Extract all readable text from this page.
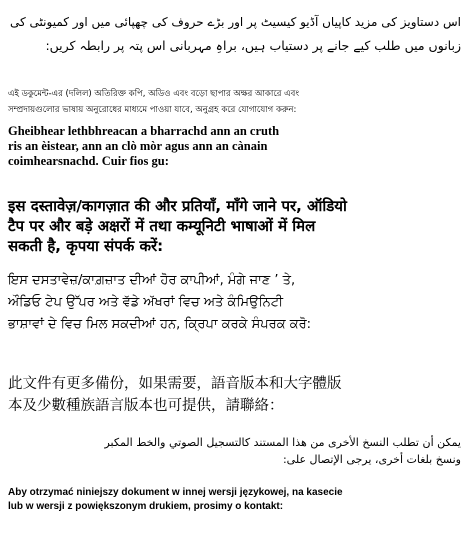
اس دستاویز کی مزید کاپیاں آڈیو کیسیٹ پر اور بڑے حروف کی چھپائی میں اور کمیونٹی کی
زبانوں میں طلب کیے جانے پر دستیاب ہیں، براہِ مہربانی اس پتہ پر رابطہ کریں:
এই ডকুমেন্ট-এর (দলিল) অতিরিক্ত কপি, অডিও এবং বড়ো ছাপার অক্ষর আকারে এবং
সম্প্রদায়গুলোর ভাষায় অনুরোধের মাধ্যমে পাওয়া যাবে, অনুগ্রহ করে যোগাযোগ করুন:
Gheibhear lethbhreacan a bharrachd ann an cruth
ris an èistear, ann an clò mòr agus ann an cànain
coimhearsnachd. Cuir fios gu:
इस दस्तावेज़/कागज़ात की और प्रतियाँ, माँगे जाने पर, ऑडियो
टैप पर और बड़े अक्षरों में तथा कम्यूनिटी भाषाओं में मिल
सकती है, कृपया संपर्क करें:
ਇਸ ਦਸਤਾਵੇਜ਼/ਕਾਗ਼ਜ਼ਾਤ ਦੀਆਂ ਹੋਰ ਕਾਪੀਆਂ, ਮੰਗੇ ਜਾਣ ’ ਤੇ,
ਔਡਿਓ ਟੇਪ ਉੱਪਰ ਅਤੇ ਵੱਡੇ ਅੱਖਰਾਂ ਵਿਚ ਅਤੇ ਕੰਮਿਉਨਿਟੀ
ਭਾਸ਼ਾਵਾਂ ਦੇ ਵਿਚ ਮਿਲ ਸਕਦੀਆਂ ਹਨ, ਕ੍ਰਿਪਾ ਕਰਕੇ ਸੰਪਰਕ ਕਰੋ:
此文件有更多備份，如果需要，語音版本和大字體版
本及少數種族語言版本也可提供，請聯絡：
يمكن أن تطلب النسخ الأخرى من هذا المستند كالتسجيل الصوتي والخط المكبر
ونسخ بلغات أخرى، يرجى الإتصال على:
Aby otrzymać niniejszy dokument w innej wersji językowej, na kasecie
lub w wersji z powiększonym drukiem, prosimy o kontakt:
